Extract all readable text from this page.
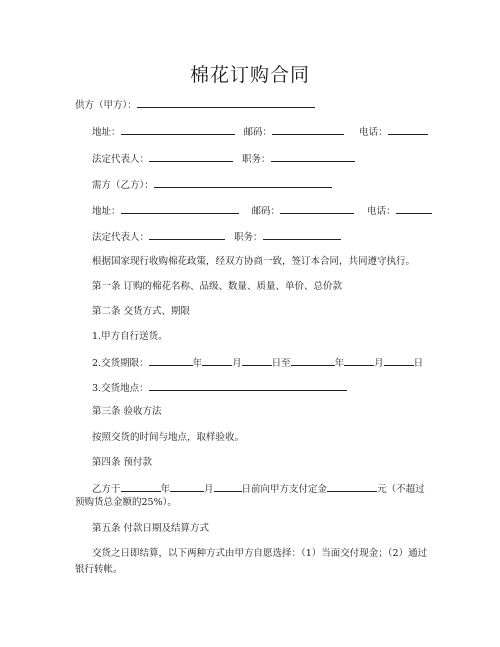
棉花订购合同
供方（甲方）：
地址：	邮码：	电话：
法定代表人：	职务：
需方（乙方）：
地址：	邮码：	电话：
法定代表人：	职务：
根据国家现行收购棉花政策，经双方协商一致，签订本合同，共同遵守执行。
第一条 订购的棉花名称、品级、数量、质量、单价、总价款
第二条 交货方式、期限
1.甲方自行送货。
2.交货期限：	年	月	日至	年	月	日
3.交货地点：
第三条 验收方法
按照交货的时间与地点，取样验收。
第四条 预付款
乙方于	年	月	日前向甲方支付定金	元（不超过
预购货总金额的25%）。
第五条 付款日期及结算方式
交货之日即结算，以下两种方式由甲方自愿选择：（1）当面交付现金；（2）通过银行转帐。
